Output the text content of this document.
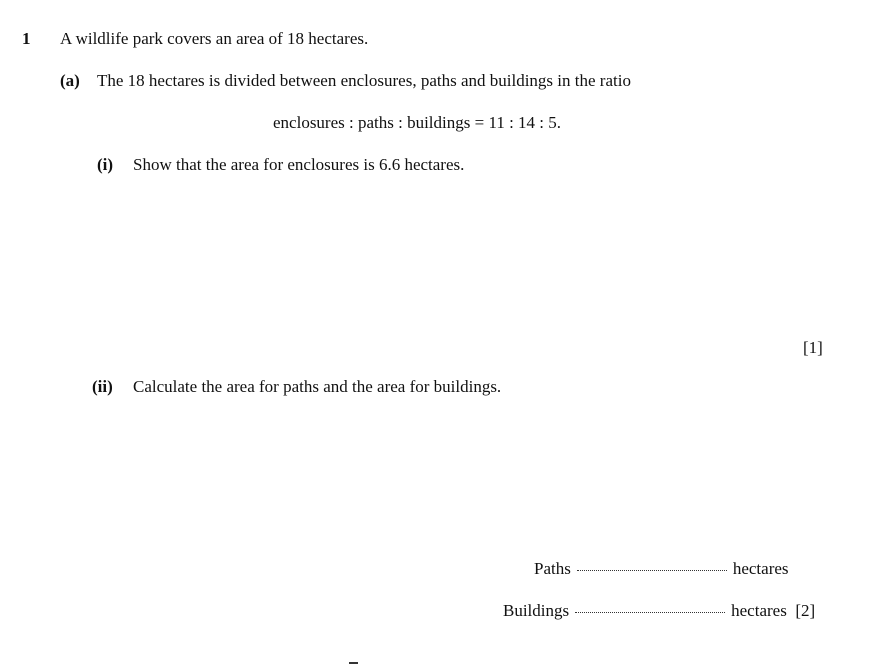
1 A wildlife park covers an area of 18 hectares.
(a) The 18 hectares is divided between enclosures, paths and buildings in the ratio
enclosures : paths : buildings = 11 : 14 : 5.
(i) Show that the area for enclosures is 6.6 hectares.
[1]
(ii) Calculate the area for paths and the area for buildings.
Paths	hectares
Buildings	hectares [2]
